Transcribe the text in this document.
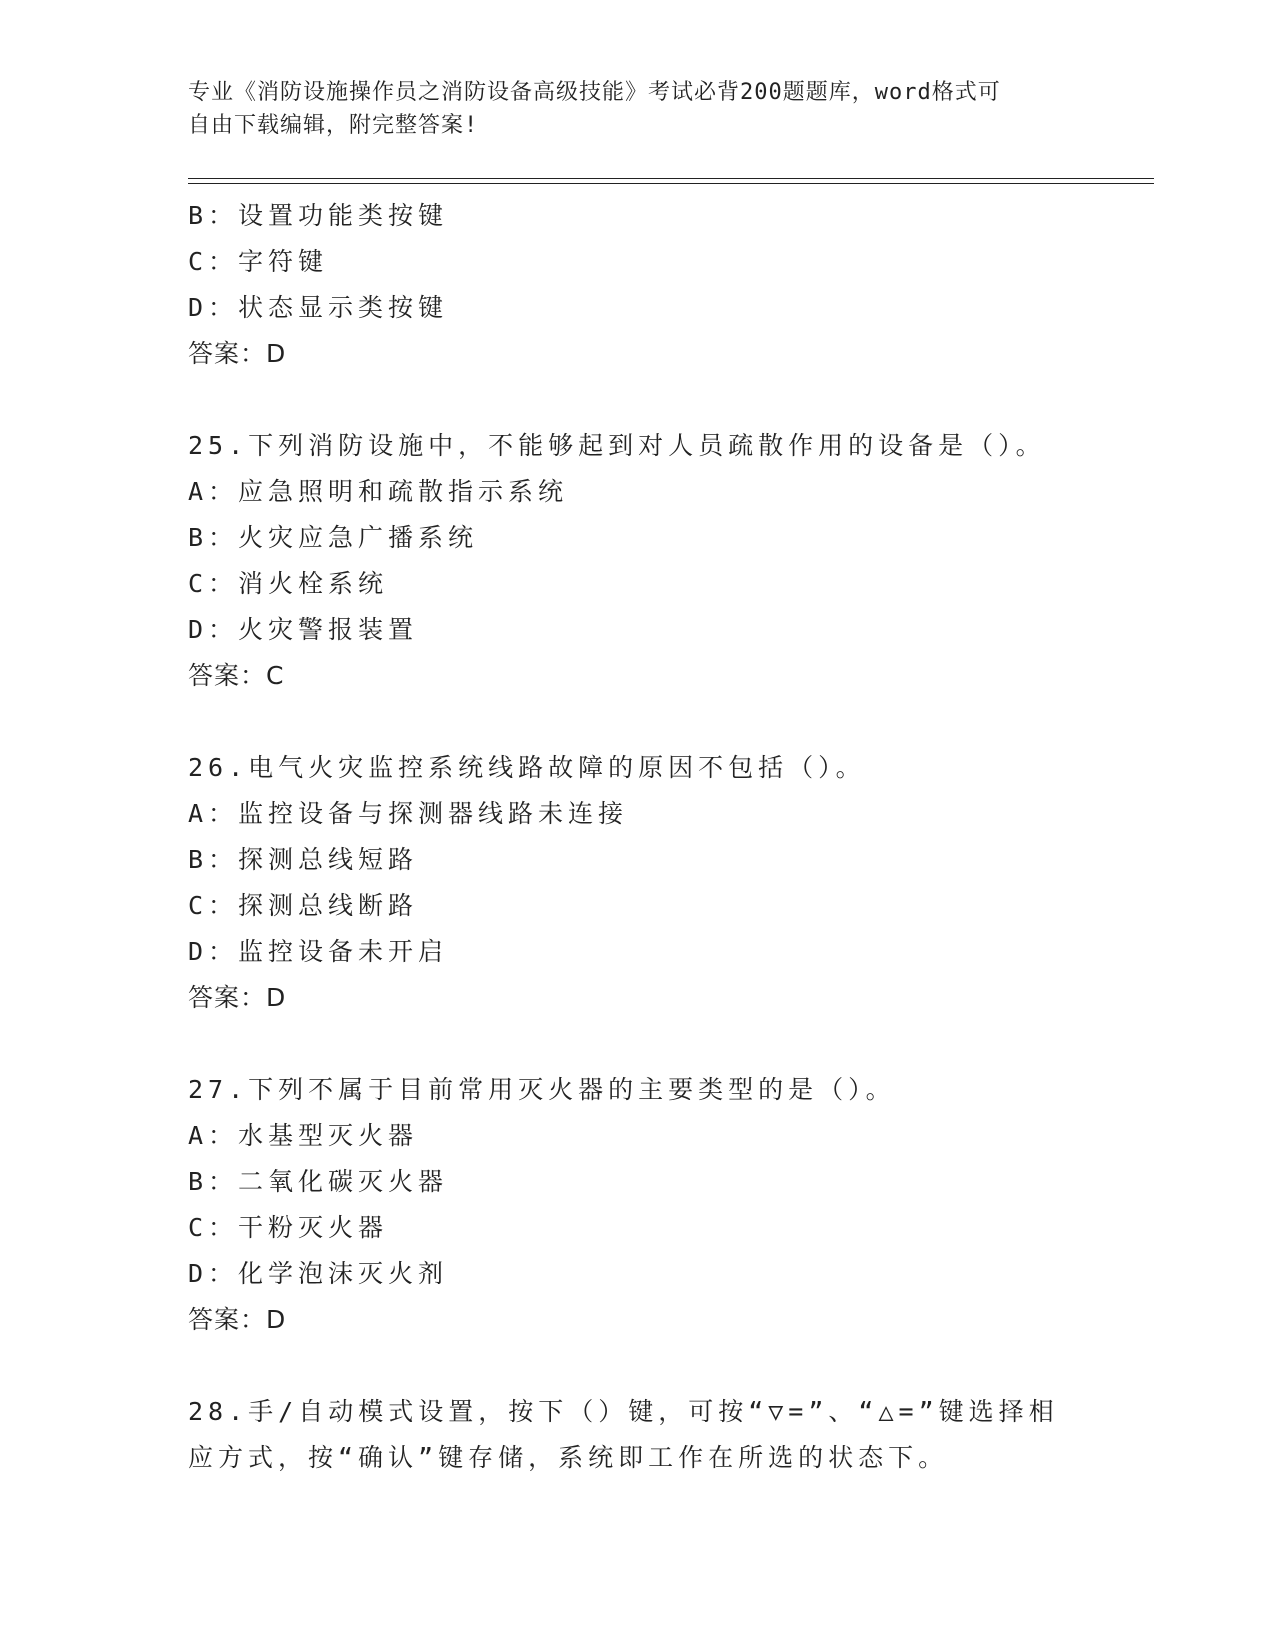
专业《消防设施操作员之消防设备高级技能》考试必背200题题库，word格式可
自由下载编辑，附完整答案!
B：设置功能类按键
C：字符键
D：状态显示类按键
答案：D
25.下列消防设施中，不能够起到对人员疏散作用的设备是（）。
A：应急照明和疏散指示系统
B：火灾应急广播系统
C：消火栓系统
D：火灾警报装置
答案：C
26.电气火灾监控系统线路故障的原因不包括（）。
A：监控设备与探测器线路未连接
B：探测总线短路
C：探测总线断路
D：监控设备未开启
答案：D
27.下列不属于目前常用灭火器的主要类型的是（）。
A：水基型灭火器
B：二氧化碳灭火器
C：干粉灭火器
D：化学泡沫灭火剂
答案：D
28.手/自动模式设置，按下（）键，可按“▽=”、“△=”键选择相
应方式，按“确认”键存储，系统即工作在所选的状态下。
